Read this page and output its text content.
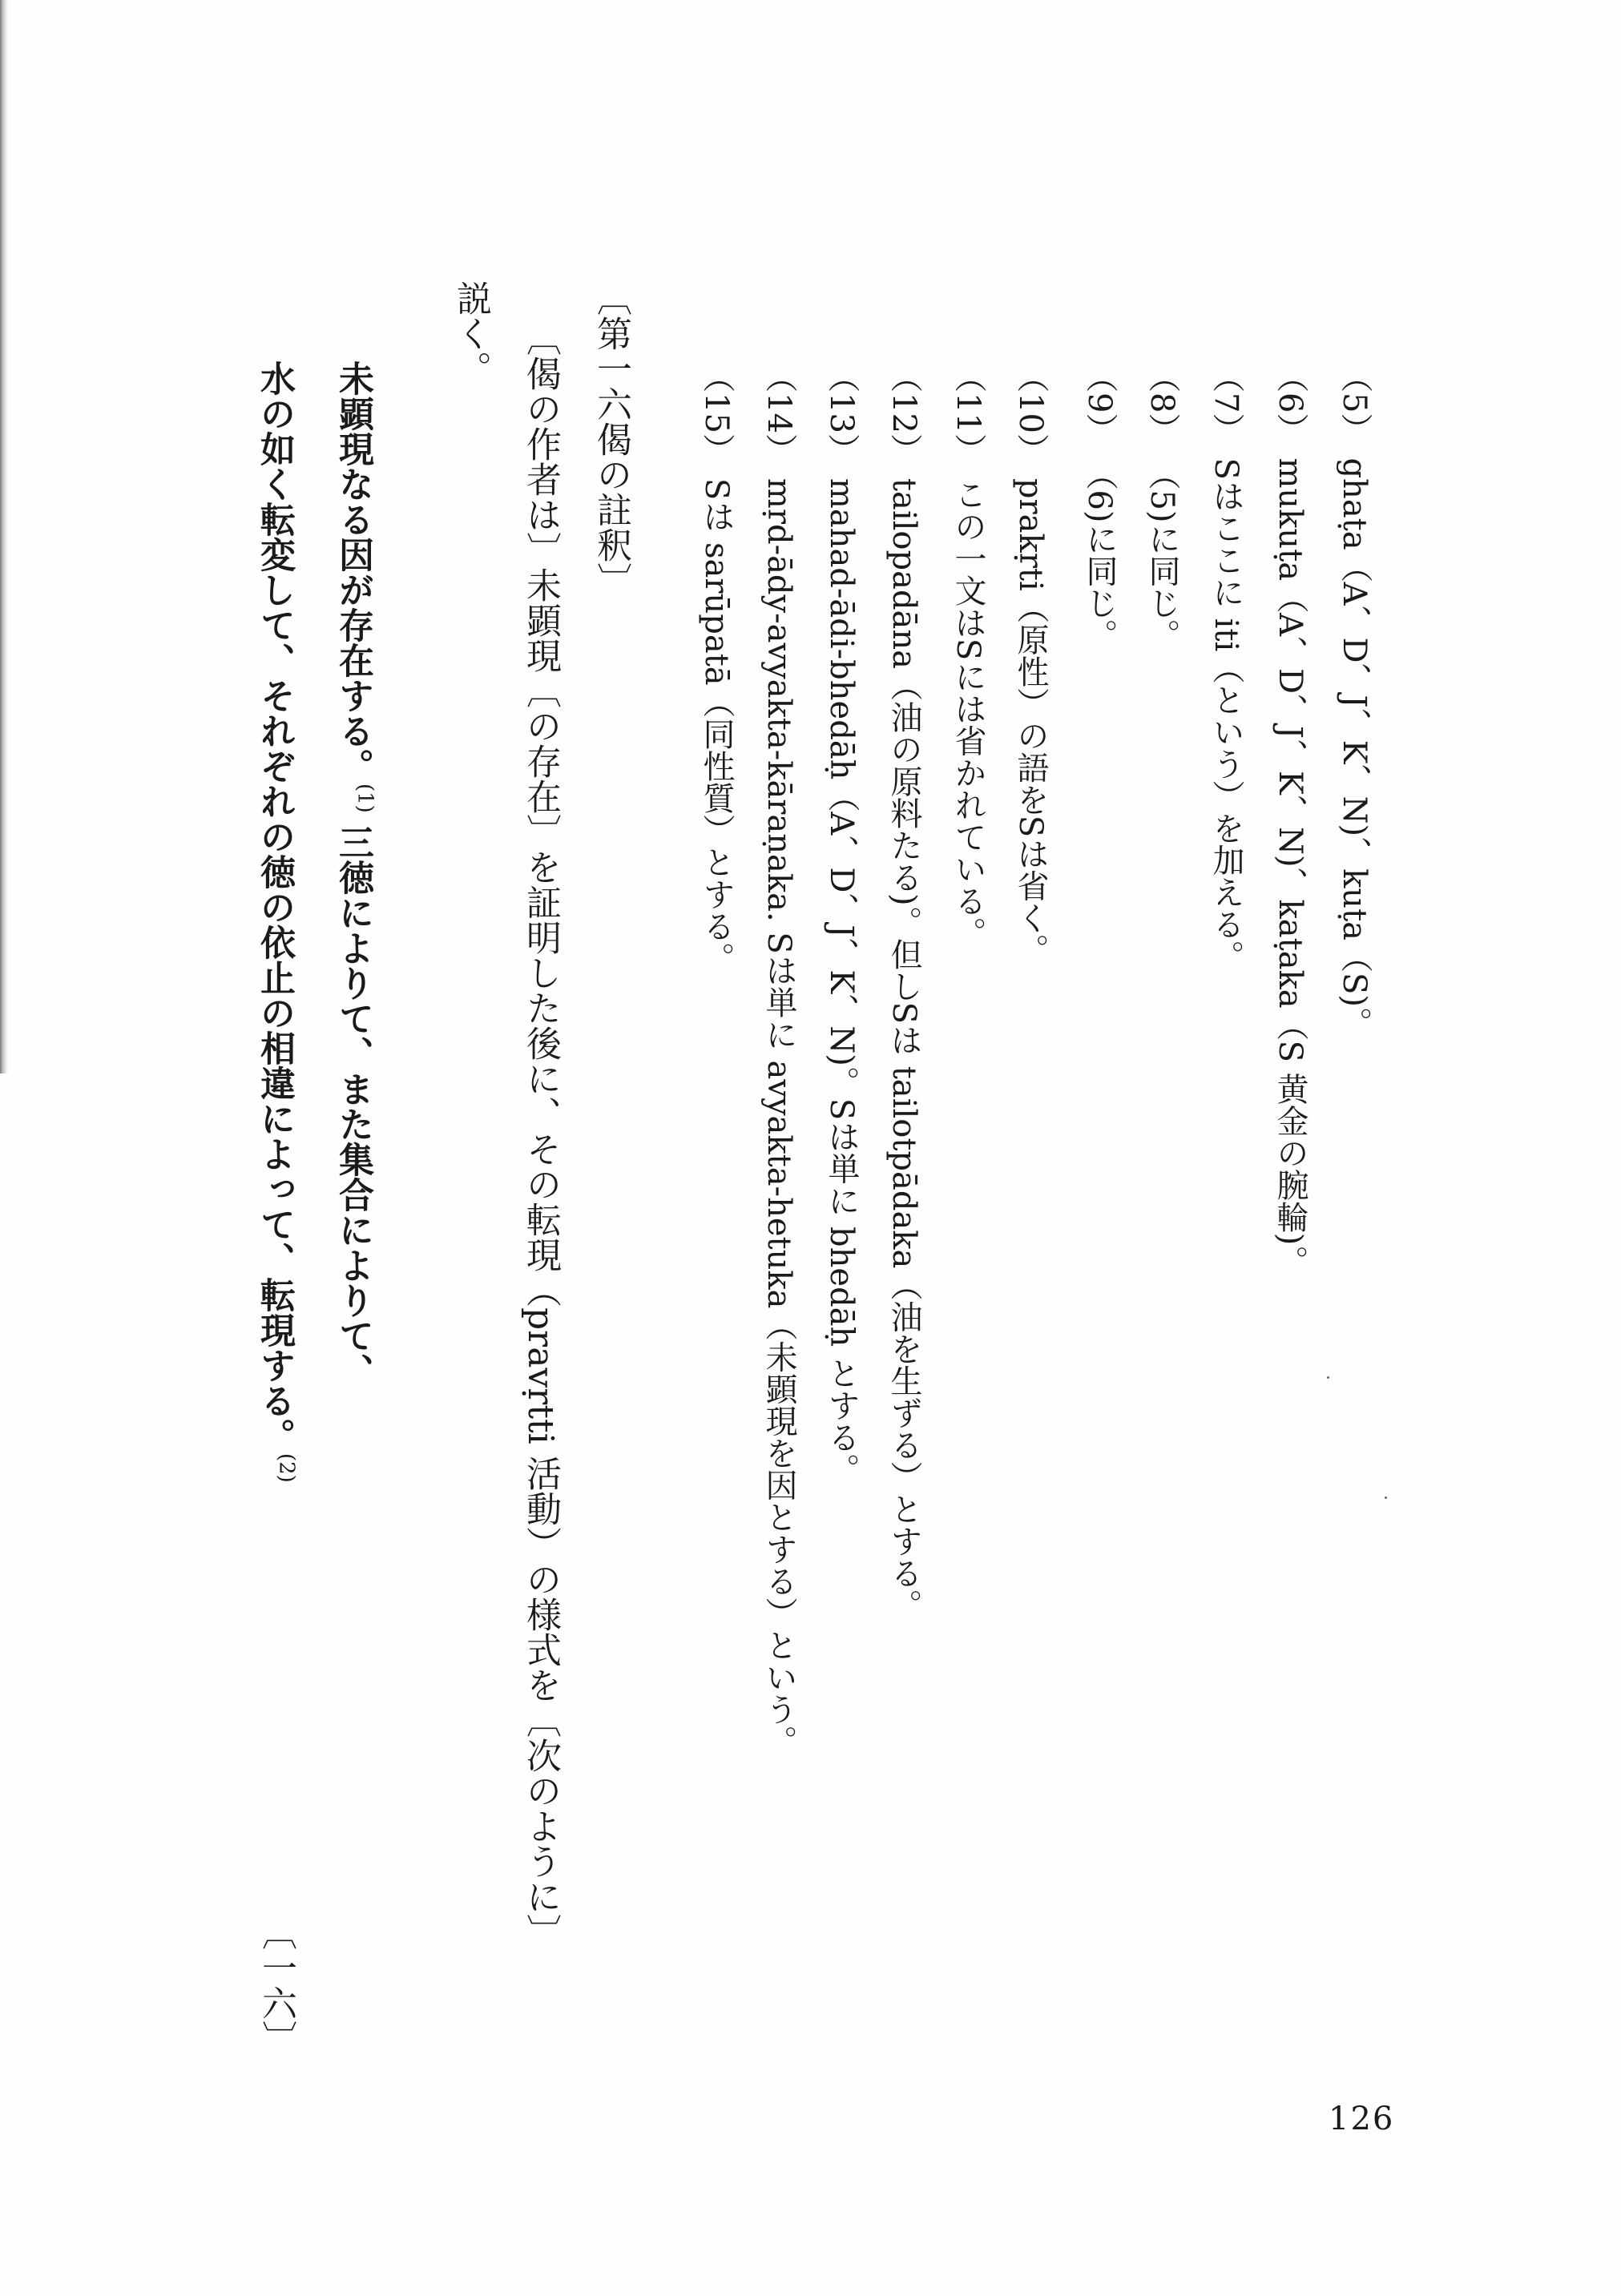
（5）ghaṭa（A、D、J、K、N)、kuṭa（S)。
（6）mukuṭa（A、D、J、K、N)、kaṭaka（S 黄金の腕輪)。
（7）Sはここに iti（という）を加える。
（8）（5)に同じ。
（9）（6)に同じ。
（10）prakṛti（原性）の語をSは省く。
（11）この一文はSには省かれている。
（12）tailopadāna（油の原料たる)。但しSは tailotpādaka（油を生ずる）とする。
（13）mahad-ādi-bhedāḥ（A、D、J、K、N)。Sは単に bhedāḥ とする。
（14）mṛd-ādy-avyakta-kāraṇaka. Sは単に avyakta-hetuka（未顕現を因とする）という。
（15）Sは sarūpatā（同性質）とする。
〔第一六偈の註釈〕
〔偈の作者は〕未顕現〔の存在〕を証明した後に、その転現（pravṛtti 活動）の様式を〔次のように〕
説く。
未顕現なる因が存在する。$^{(1)}$三徳によりて、また集合によりて、
水の如く転変して、それぞれの徳の依止の相違によって、転現する。$^{(2)}$
〔一六〕
126
